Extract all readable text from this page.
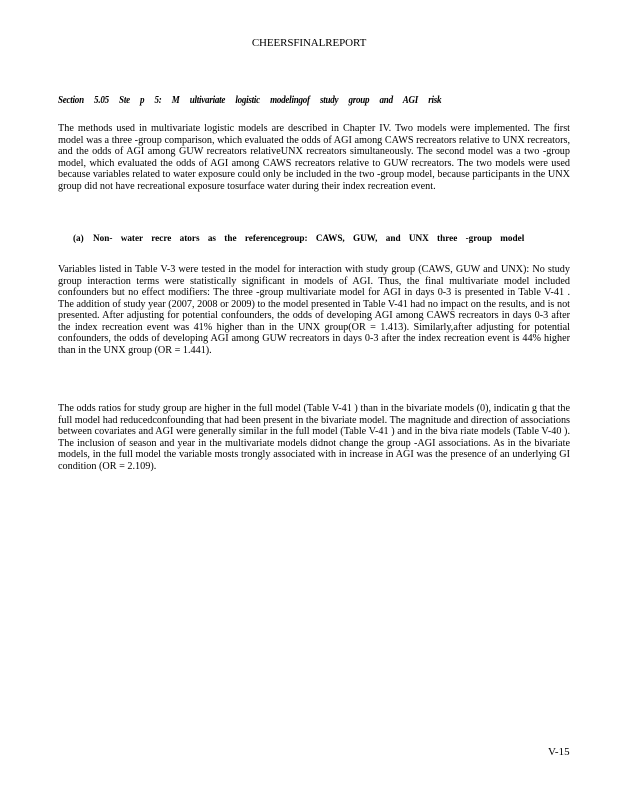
CHEERSFINALREPORT
Section 5.05 Ste p 5: M ultivariate logistic modelingof study group and AGI risk

The methods used in multivariate logistic models are described in Chapter IV. Two models were implemented. The first model was a three -group comparison, which evaluated the odds of AGI among CAWS recreators relative to UNX recreators, and the odds of AGI among GUW recreators relativeUNX recreators simultaneously. The second model was a two -group model, which evaluated the odds of AGI among CAWS recreators relative to GUW recreators. The two models were used because variables related to water exposure could only be included in the two -group model, because participants in the UNX group did not have recreational exposure tosurface water during their index recreation event.

(a)	Non- water recre ators as the referencegroup: CAWS, GUW, and UNX three -group model

Variables listed in Table V-3 were tested in the model for interaction with study group (CAWS, GUW and UNX): No study group interaction terms were statistically significant in models of AGI. Thus, the final multivariate model included confounders but no effect modifiers: The three -group multivariate model for AGI in days 0-3 is presented in Table V-41 . The addition of study year (2007, 2008 or 2009) to the model presented in Table V-41 had no impact on the results, and is not presented. After adjusting for potential confounders, the odds of developing AGI among CAWS recreators in days 0-3 after the index recreation event was 41% higher than in the UNX group(OR = 1.413). Similarly,after adjusting for potential confounders, the odds of developing AGI among GUW recreators in days 0-3 after the index recreation event is 44% higher than in the UNX group (OR = 1.441).

The odds ratios for study group are higher in the full model (Table V-41 ) than in the bivariate models (0), indicatin g that the full model had reducedconfounding that had been present in the bivariate model. The magnitude and direction of associations between covariates and AGI were generally similar in the full model (Table V-41 ) and in the biva riate models (Table V-40 ). The inclusion of season and year in the multivariate models didnot change the group -AGI associations. As in the bivariate models, in the full model the variable mosts trongly associated with in increase in AGI was the presence of an underlying GI condition (OR = 2.109).

V-15
